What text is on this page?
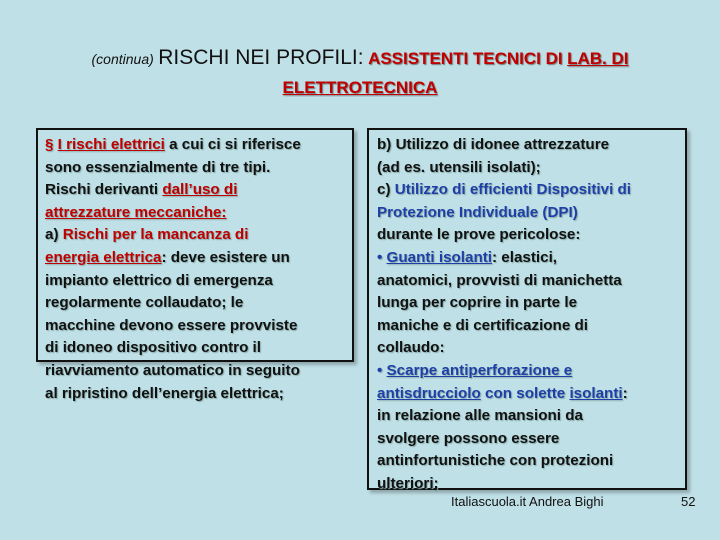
(continua) RISCHI NEI PROFILI: ASSISTENTI TECNICI DI LAB. DI
ELETTROTECNICA
§ I rischi elettrici a cui ci si riferisce
sono essenzialmente di tre tipi.
Rischi derivanti dall’uso di
attrezzature meccaniche:
a) Rischi per la mancanza di
energia elettrica: deve esistere un
impianto elettrico di emergenza
regolarmente collaudato; le
macchine devono essere provviste
di idoneo dispositivo contro il
riavviamento automatico in seguito
al ripristino dell’energia elettrica;
b) Utilizzo di idonee attrezzature
(ad es. utensili isolati);
c) Utilizzo di efficienti Dispositivi di
Protezione Individuale (DPI)
durante le prove pericolose:
• Guanti isolanti: elastici,
anatomici, provvisti di manichetta
lunga per coprire in parte le
maniche e di certificazione di
collaudo:
• Scarpe antiperforazione e
antisdrucciolo con solette isolanti:
in relazione alle mansioni da
svolgere possono essere
antinfortunistiche con protezioni
ulteriori;
Italiascuola.it Andrea Bighi	52
